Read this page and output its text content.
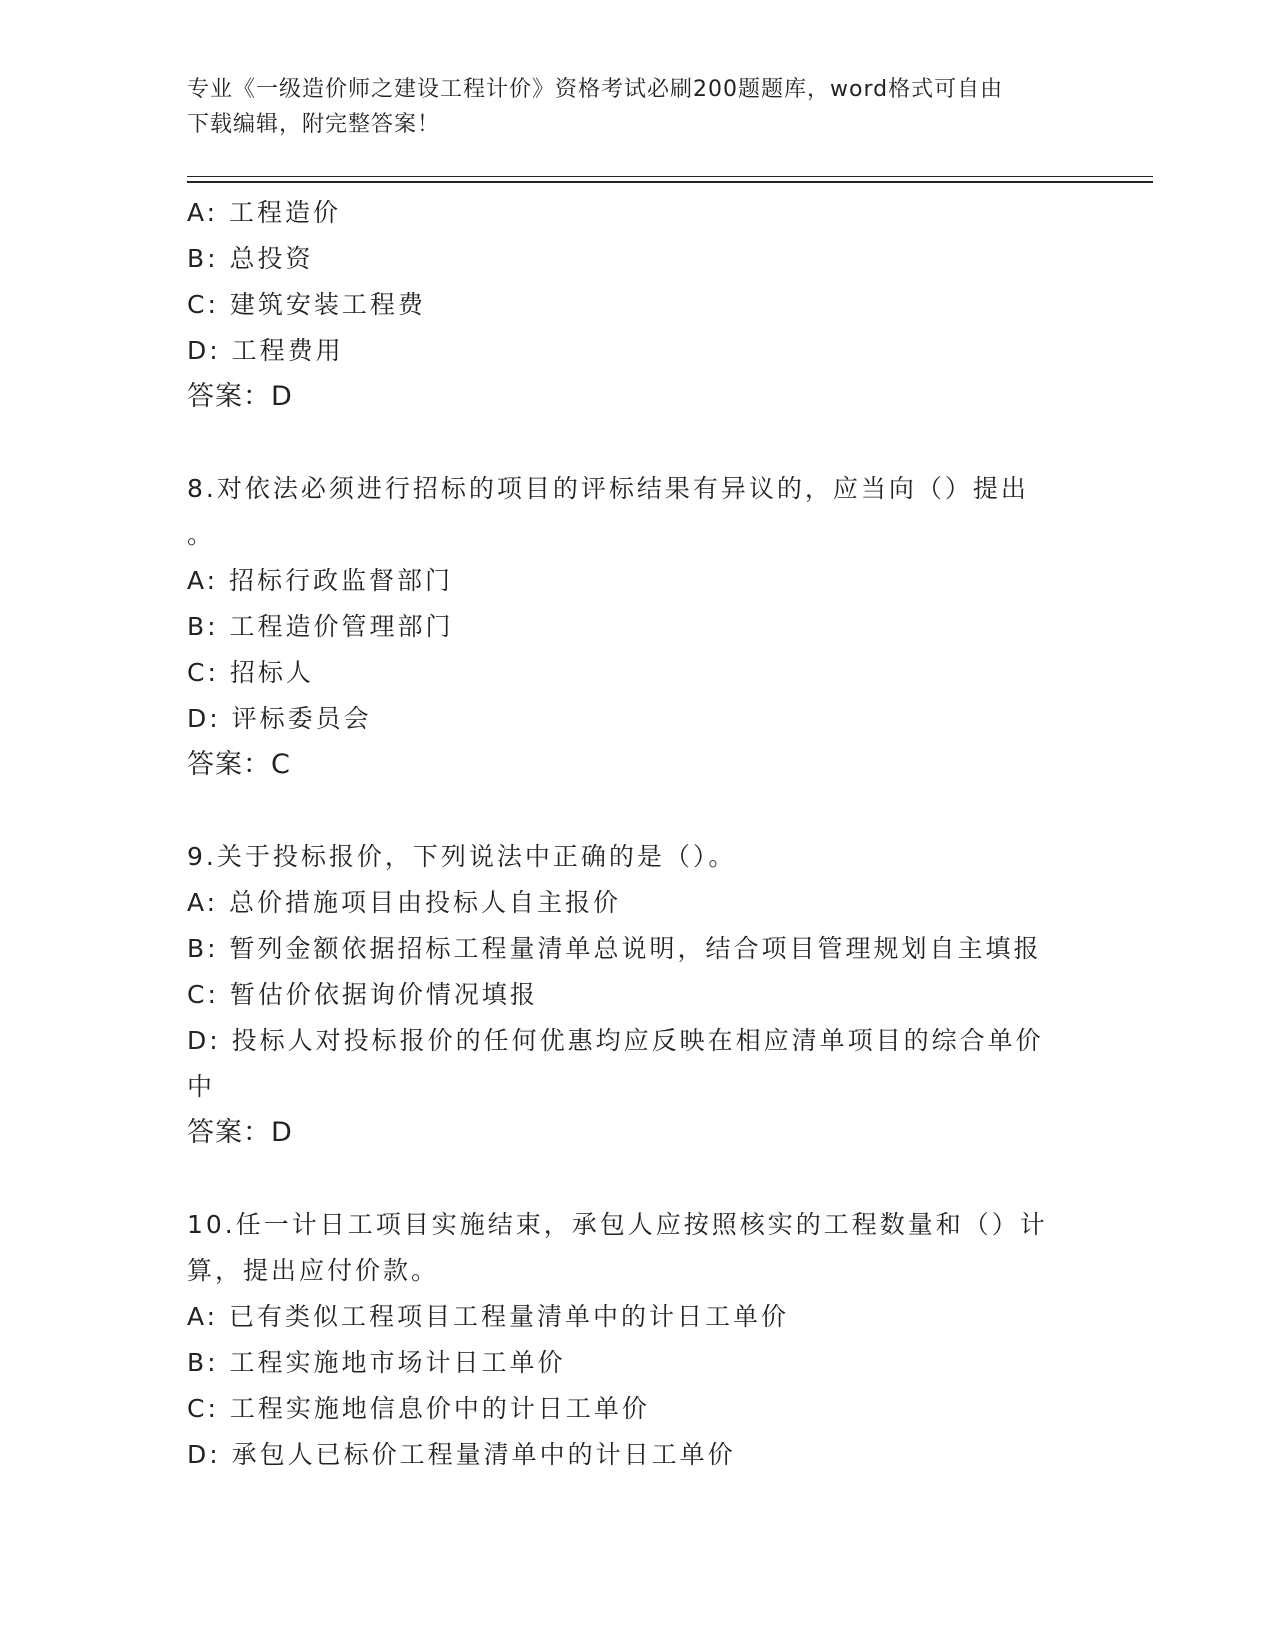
专业《一级造价师之建设工程计价》资格考试必刷200题题库，word格式可自由
下载编辑，附完整答案！
A: 工程造价
B: 总投资
C: 建筑安装工程费
D: 工程费用
答案：D
8.对依法必须进行招标的项目的评标结果有异议的，应当向（）提出
。
A: 招标行政监督部门
B: 工程造价管理部门
C: 招标人
D: 评标委员会
答案：C
9.关于投标报价，下列说法中正确的是（）。
A: 总价措施项目由投标人自主报价
B: 暂列金额依据招标工程量清单总说明，结合项目管理规划自主填报
C: 暂估价依据询价情况填报
D: 投标人对投标报价的任何优惠均应反映在相应清单项目的综合单价
中
答案：D
10.任一计日工项目实施结束，承包人应按照核实的工程数量和（）计
算，提出应付价款。
A: 已有类似工程项目工程量清单中的计日工单价
B: 工程实施地市场计日工单价
C: 工程实施地信息价中的计日工单价
D: 承包人已标价工程量清单中的计日工单价
